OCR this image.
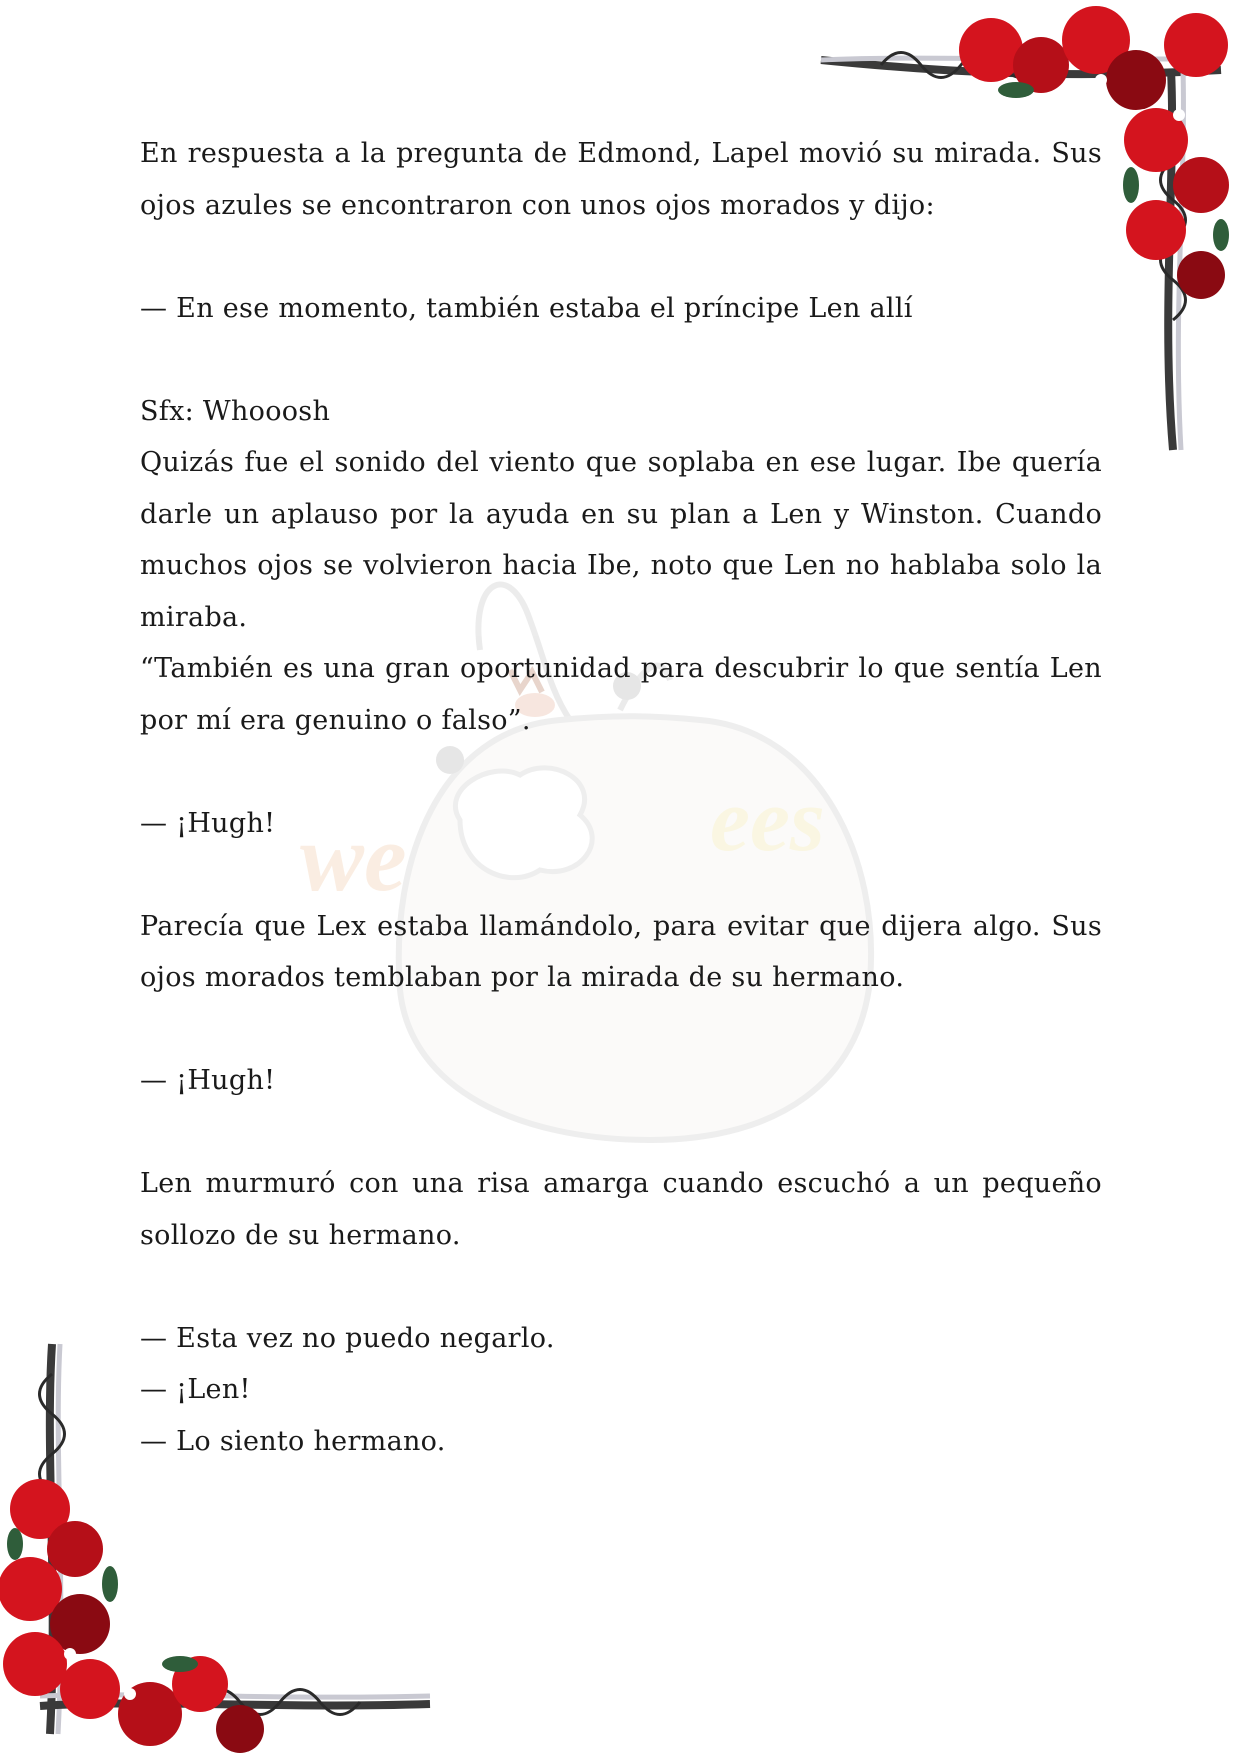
we	ees

En respuesta a la pregunta de Edmond, Lapel movió su mirada. Sus ojos azules se encontraron con unos ojos morados y dijo:

— En ese momento, también estaba el príncipe Len allí

Sfx: Whooosh

Quizás fue el sonido del viento que soplaba en ese lugar. Ibe quería darle un aplauso por la ayuda en su plan a Len y Winston. Cuando muchos ojos se volvieron hacia Ibe, noto que Len no hablaba solo la miraba.

“También es una gran oportunidad para descubrir lo que sentía Len por mí era genuino o falso”.

— ¡Hugh!

Parecía que Lex estaba llamándolo, para evitar que dijera algo. Sus ojos morados temblaban por la mirada de su hermano.

— ¡Hugh!

Len murmuró con una risa amarga cuando escuchó a un pequeño sollozo de su hermano.

— Esta vez no puedo negarlo.

— ¡Len!

— Lo siento hermano.
